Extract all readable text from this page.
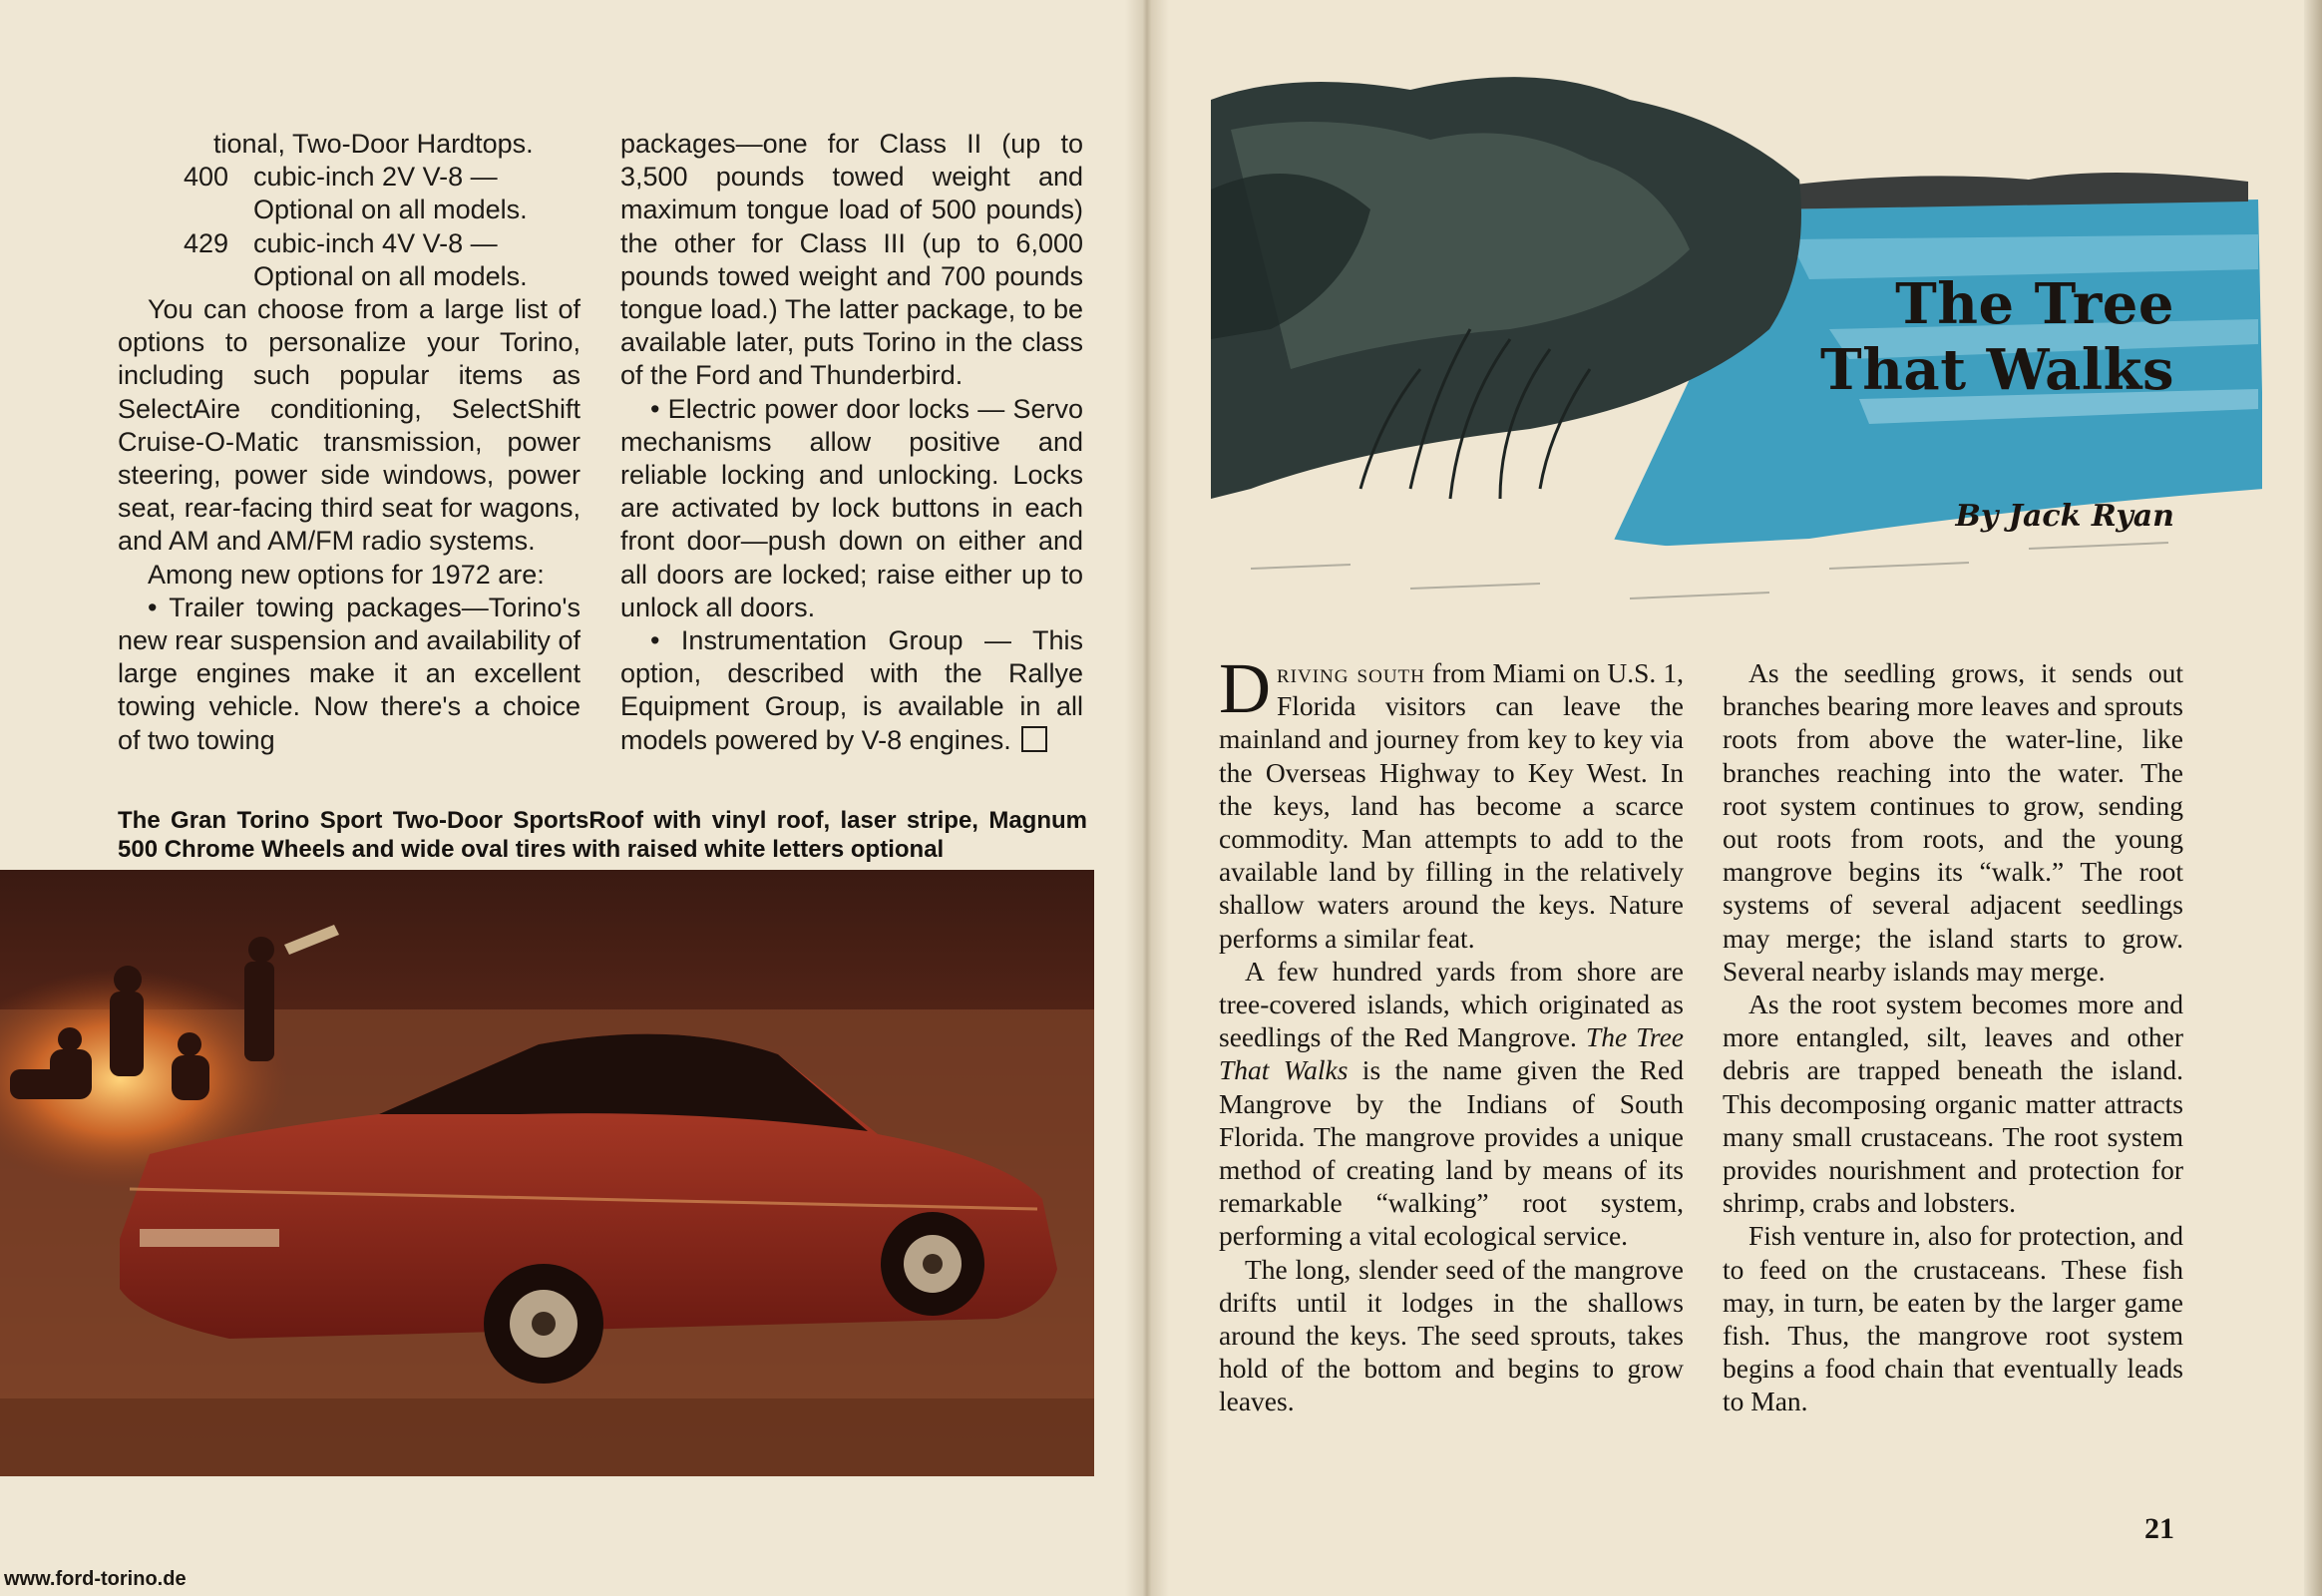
tional, Two-Door Hardtops.

400 cubic-inch 2V V-8 — Optional on all models.

429 cubic-inch 4V V-8 — Optional on all models.

You can choose from a large list of options to personalize your Torino, including such popular items as SelectAire conditioning, SelectShift Cruise-O-Matic transmission, power steering, power side windows, power seat, rear-facing third seat for wagons, and AM and AM/FM radio systems.

Among new options for 1972 are:

• Trailer towing packages—Torino's new rear suspension and availability of large engines make it an excellent towing vehicle. Now there's a choice of two towing

packages—one for Class II (up to 3,500 pounds towed weight and maximum tongue load of 500 pounds) the other for Class III (up to 6,000 pounds towed weight and 700 pounds tongue load.) The latter package, to be available later, puts Torino in the class of the Ford and Thunderbird.

• Electric power door locks — Servo mechanisms allow positive and reliable locking and unlocking. Locks are activated by lock buttons in each front door—push down on either and all doors are locked; raise either up to unlock all doors.

• Instrumentation Group — This option, described with the Rallye Equipment Group, is available in all models powered by V-8 engines.

The Gran Torino Sport Two-Door SportsRoof with vinyl roof, laser stripe, Magnum 500 Chrome Wheels and wide oval tires with raised white letters optional
www.ford-torino.de
The Tree
That Walks
By Jack Ryan

Driving south from Miami on U.S. 1, Florida visitors can leave the mainland and journey from key to key via the Overseas Highway to Key West. In the keys, land has become a scarce commodity. Man attempts to add to the available land by filling in the relatively shallow waters around the keys. Nature performs a similar feat.

A few hundred yards from shore are tree-covered islands, which originated as seedlings of the Red Mangrove. The Tree That Walks is the name given the Red Mangrove by the Indians of South Florida. The mangrove provides a unique method of creating land by means of its remarkable “walking” root system, performing a vital ecological service.

The long, slender seed of the mangrove drifts until it lodges in the shallows around the keys. The seed sprouts, takes hold of the bottom and begins to grow leaves.

As the seedling grows, it sends out branches bearing more leaves and sprouts roots from above the water-line, like branches reaching into the water. The root system continues to grow, sending out roots from roots, and the young mangrove begins its “walk.” The root systems of several adjacent seedlings may merge; the island starts to grow. Several nearby islands may merge.

As the root system becomes more and more entangled, silt, leaves and other debris are trapped beneath the island. This decomposing organic matter attracts many small crustaceans. The root system provides nourishment and protection for shrimp, crabs and lobsters.

Fish venture in, also for protection, and to feed on the crustaceans. These fish may, in turn, be eaten by the larger game fish. Thus, the mangrove root system begins a food chain that eventually leads to Man.

21
